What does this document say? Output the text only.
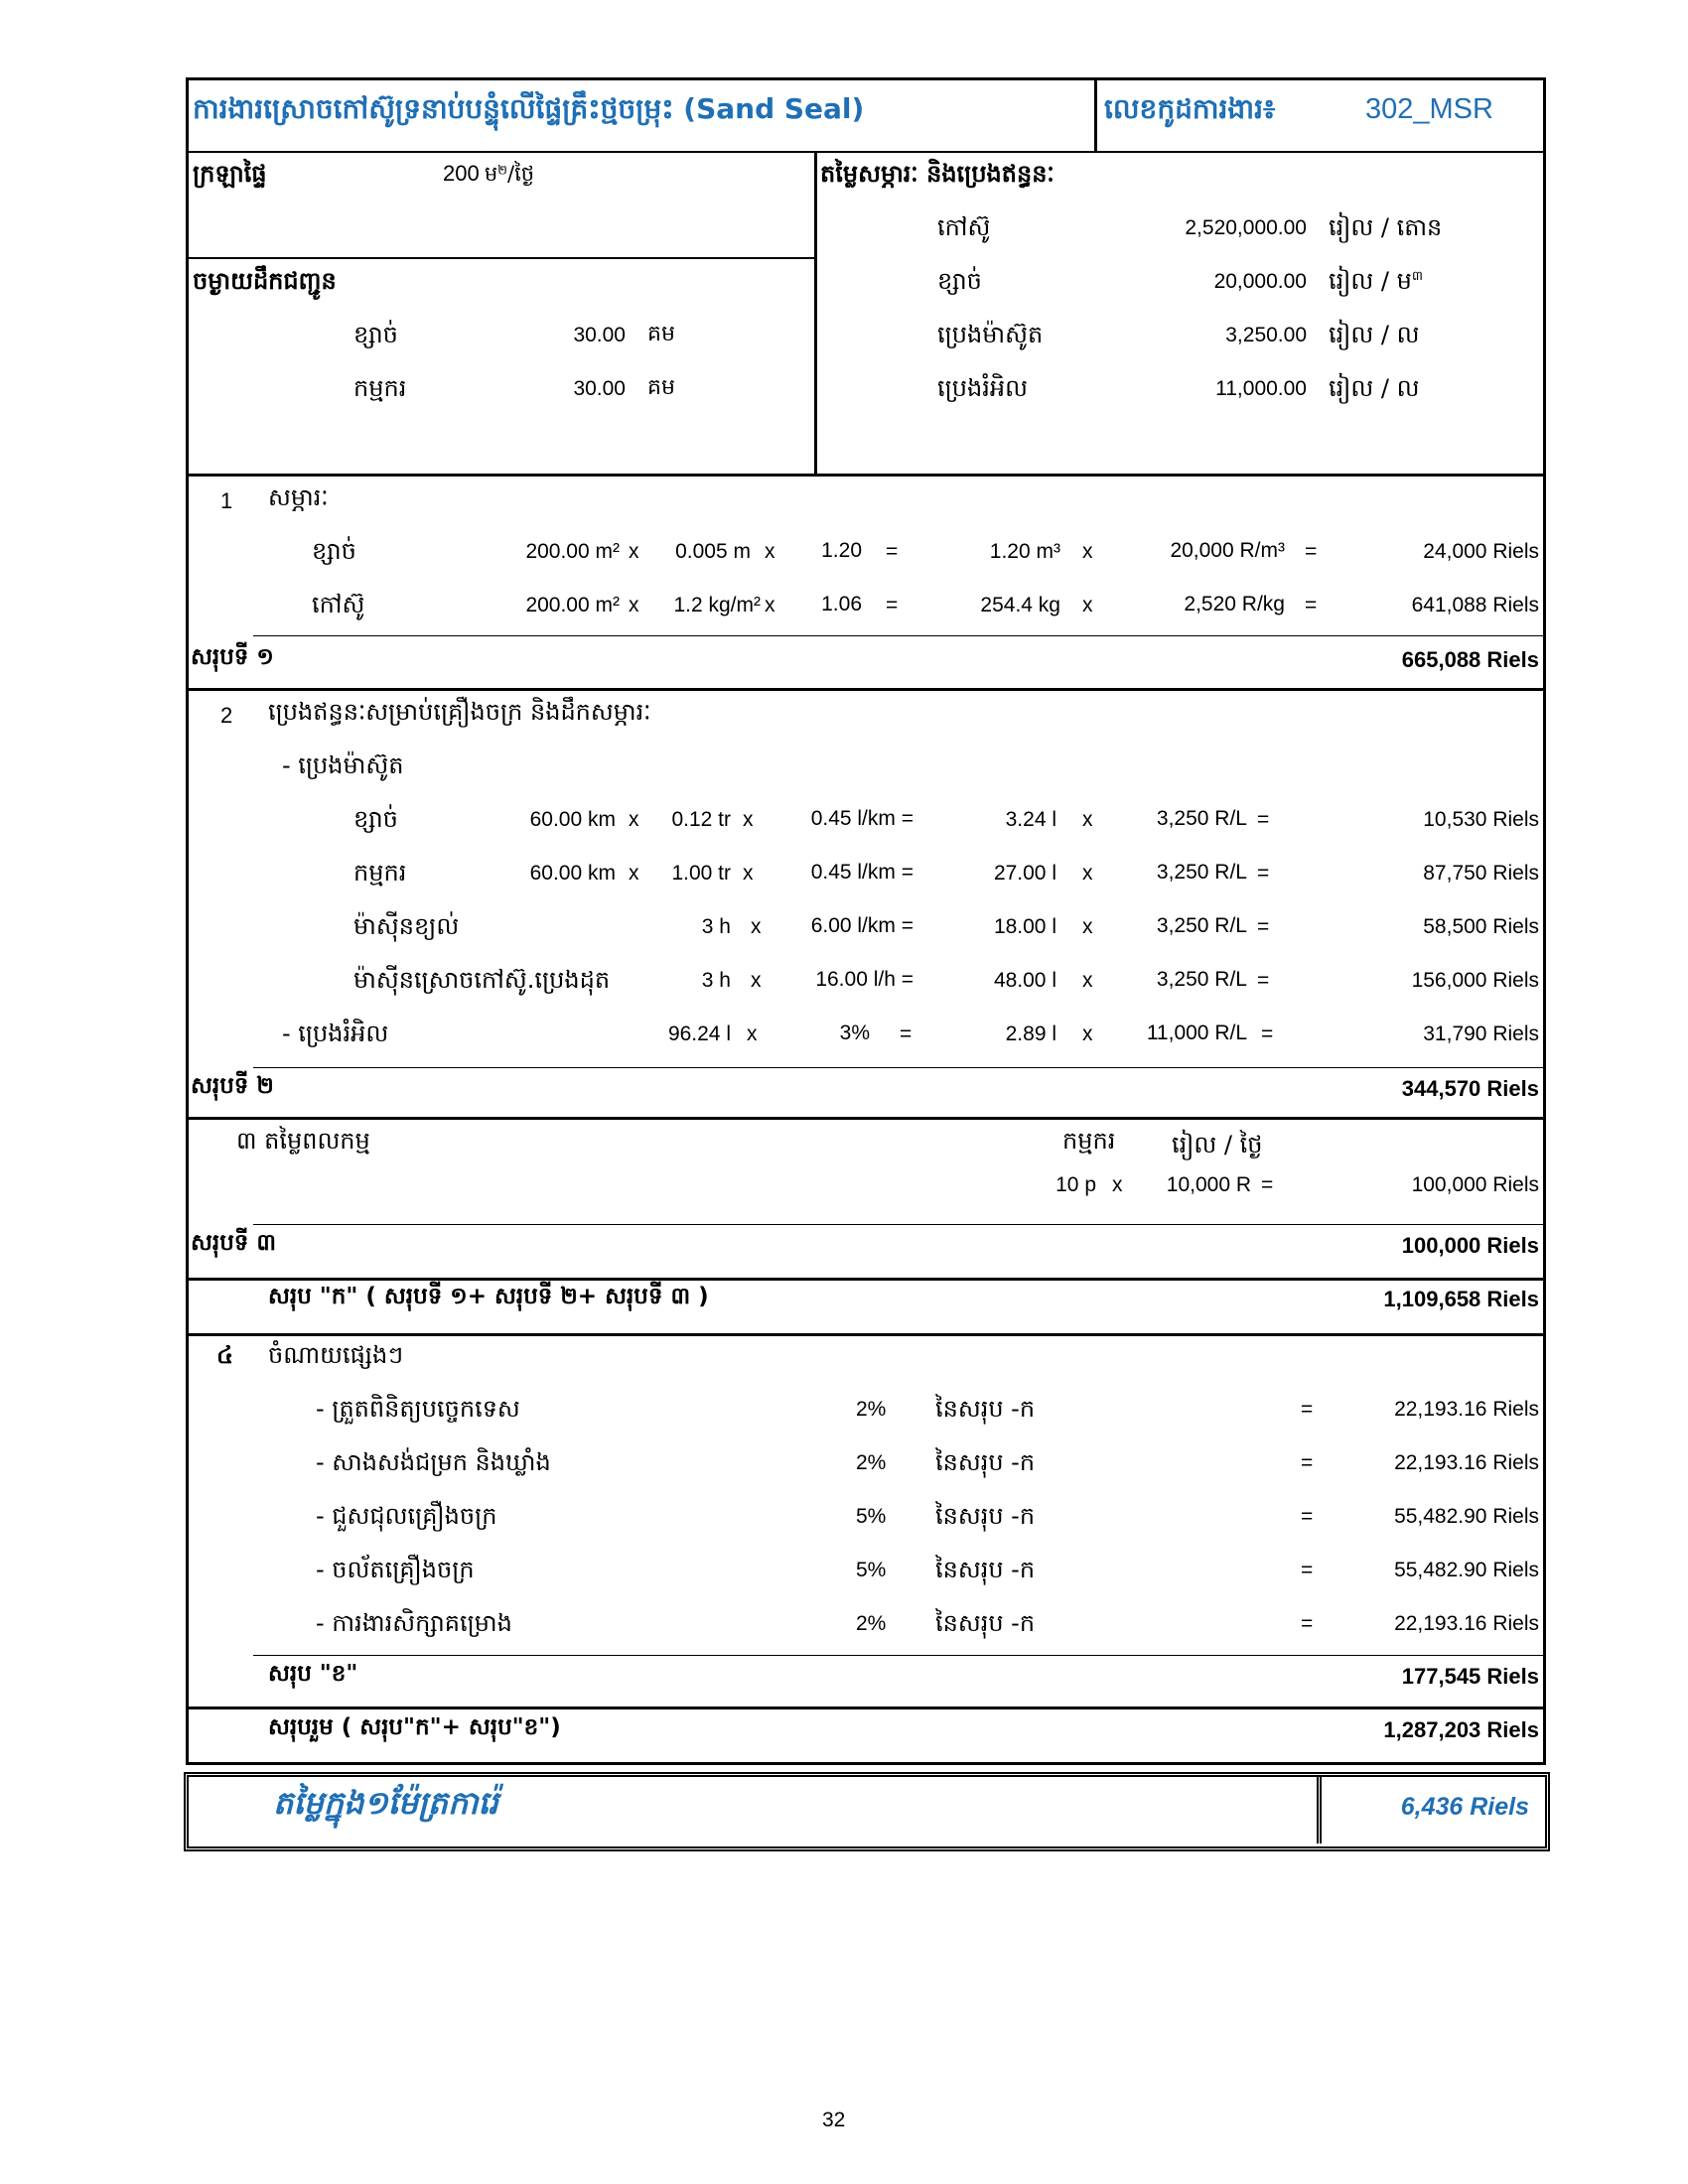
ការងារស្រោចកៅស៊ូទ្រនាប់បន្ទុំលើផ្ទៃគ្រឹះថ្មចម្រុះ (Sand Seal)	លេខកូដការងារ៖	302_MSR
ក្រឡាផ្ទៃ	200 ម$^២$/ថ្ងៃ
ចម្ងាយដឹកជញ្ជូន
ខ្សាច់	30.00 គម
កម្មករ	30.00 គម
តម្លៃសម្ភារៈ និងប្រេងឥន្ធនៈ
កៅស៊ូ	2,520,000.00 រៀល / តោន
ខ្សាច់	20,000.00 រៀល / ម$^៣$
ប្រេងម៉ាស៊ូត	3,250.00 រៀល / ល
ប្រេងរំអិល	11,000.00 រៀល / ល
1 សម្ភារៈ
ខ្សាច់	200.00 m² x	0.005 m x	1.20 =	1.20 m³ x	20,000 R/m³ =	24,000 Riels
កៅស៊ូ	200.00 m² x	1.2 kg/m² x	1.06 =	254.4 kg x	2,520 R/kg =	641,088 Riels
សរុបទី ១	665,088 Riels
2 ប្រេងឥន្ធនៈសម្រាប់គ្រឿងចក្រ និងដឹកសម្ភារៈ
- ប្រេងម៉ាស៊ូត
ខ្សាច់	60.00 km x	0.12 tr x	0.45 l/km =	3.24 l x	3,250 R/L =	10,530 Riels
កម្មករ	60.00 km x	1.00 tr x	0.45 l/km =	27.00 l x	3,250 R/L =	87,750 Riels
ម៉ាស៊ីនខ្យល់	3 h x	6.00 l/km =	18.00 l x	3,250 R/L =	58,500 Riels
ម៉ាស៊ីនស្រោចកៅស៊ូ.ប្រេងដុត	3 h x	16.00 l/h =	48.00 l x	3,250 R/L =	156,000 Riels
- ប្រេងរំអិល	96.24 l x	3% =	2.89 l x	11,000 R/L =	31,790 Riels
សរុបទី ២	344,570 Riels
៣ តម្លៃពលកម្ម	កម្មករ រៀល / ថ្ងៃ
10 p x	10,000 R =	100,000 Riels
សរុបទី ៣	100,000 Riels
សរុប "ក" ( សរុបទី ១+ សរុបទី ២+ សរុបទី ៣ )	1,109,658 Riels
៤ ចំណាយផ្សេងៗ
- ត្រួតពិនិត្យបច្ចេកទេស	2% នៃសរុប -ក	=	22,193.16 Riels
- សាងសង់ជម្រក និងឃ្លាំង	2% នៃសរុប -ក	=	22,193.16 Riels
- ជួសជុលគ្រឿងចក្រ	5% នៃសរុប -ក	=	55,482.90 Riels
- ចល័តគ្រឿងចក្រ	5% នៃសរុប -ក	=	55,482.90 Riels
- ការងារសិក្សាគម្រោង	2% នៃសរុប -ក	=	22,193.16 Riels
សរុប "ខ"	177,545 Riels
សរុបរួម ( សរុប"ក"+ សរុប"ខ")	1,287,203 Riels
តម្លៃក្នុង១ម៉ែត្រការ៉េ	6,436 Riels
32
